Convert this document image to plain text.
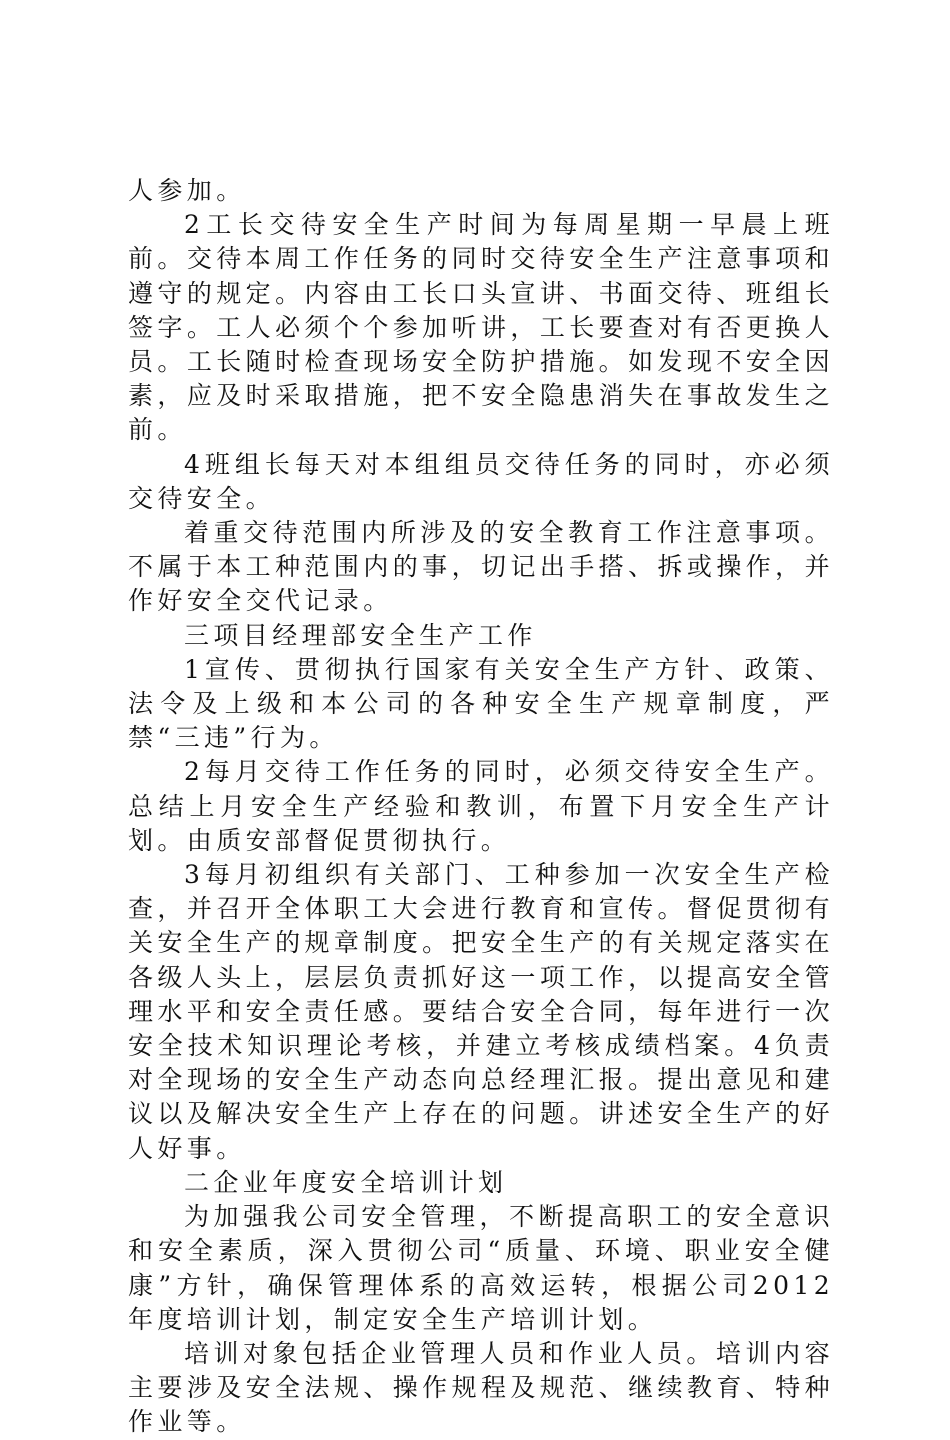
人参加。

2工长交待安全生产时间为每周星期一早晨上班前。交待本周工作任务的同时交待安全生产注意事项和遵守的规定。内容由工长口头宣讲、书面交待、班组长签字。工人必须个个参加听讲，工长要查对有否更换人员。工长随时检查现场安全防护措施。如发现不安全因素，应及时采取措施，把不安全隐患消失在事故发生之前。

4班组长每天对本组组员交待任务的同时，亦必须交待安全。

着重交待范围内所涉及的安全教育工作注意事项。不属于本工种范围内的事，切记出手搭、拆或操作，并作好安全交代记录。

三项目经理部安全生产工作

1宣传、贯彻执行国家有关安全生产方针、政策、法令及上级和本公司的各种安全生产规章制度，严禁“三违”行为。

2每月交待工作任务的同时，必须交待安全生产。总结上月安全生产经验和教训，布置下月安全生产计划。由质安部督促贯彻执行。

3每月初组织有关部门、工种参加一次安全生产检查，并召开全体职工大会进行教育和宣传。督促贯彻有关安全生产的规章制度。把安全生产的有关规定落实在各级人头上，层层负责抓好这一项工作，以提高安全管理水平和安全责任感。要结合安全合同，每年进行一次安全技术知识理论考核，并建立考核成绩档案。4负责对全现场的安全生产动态向总经理汇报。提出意见和建议以及解决安全生产上存在的问题。讲述安全生产的好人好事。

二企业年度安全培训计划

为加强我公司安全管理，不断提高职工的安全意识和安全素质，深入贯彻公司“质量、环境、职业安全健康”方针，确保管理体系的高效运转，根据公司2012年度培训计划，制定安全生产培训计划。

培训对象包括企业管理人员和作业人员。培训内容主要涉及安全法规、操作规程及规范、继续教育、特种作业等。
